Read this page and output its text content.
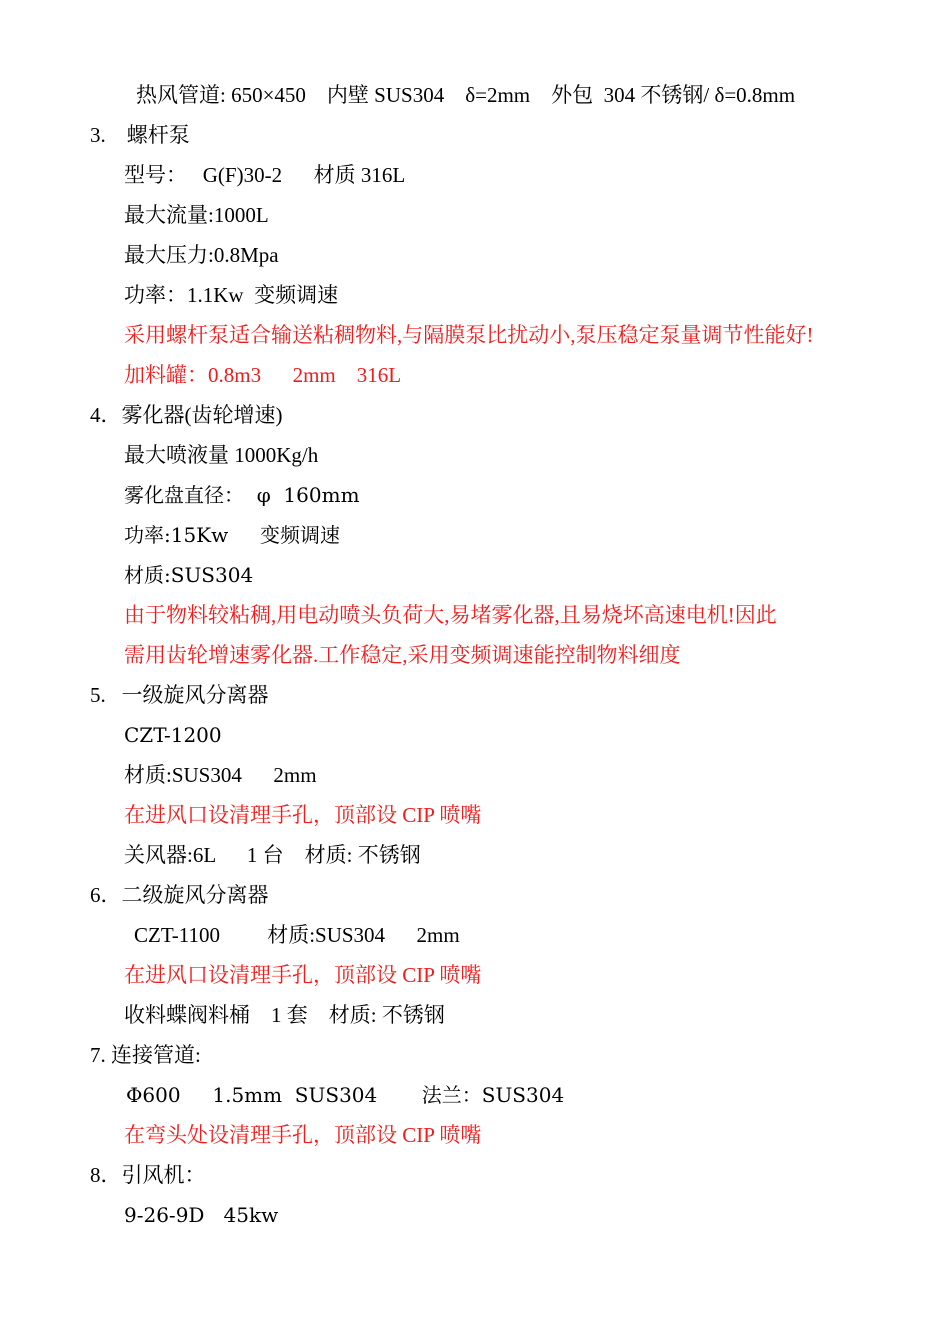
热风管道: 650×450    内壁 SUS304    δ=2mm    外包  304 不锈钢/ δ=0.8mm
3.    螺杆泵
型号：   G(F)30-2      材质 316L
最大流量:1000L
最大压力:0.8Mpa
功率：1.1Kw  变频调速
采用螺杆泵适合输送粘稠物料,与隔膜泵比扰动小,泵压稳定泵量调节性能好!
加料罐：0.8m3      2mm    316L
4．雾化器(齿轮增速)
最大喷液量 1000Kg/h
雾化盘直径：  φ  160mm
功率:15Kw     变频调速
材质:SUS304
由于物料较粘稠,用电动喷头负荷大,易堵雾化器,且易烧坏高速电机!因此
需用齿轮增速雾化器.工作稳定,采用变频调速能控制物料细度
5.   一级旋风分离器
CZT-1200
材质:SUS304      2mm
在进风口设清理手孔，顶部设 CIP 喷嘴
关风器:6L      1 台    材质: 不锈钢
6．二级旋风分离器
CZT-1100         材质:SUS304      2mm
在进风口设清理手孔，顶部设 CIP 喷嘴
收料蝶阀料桶    1 套    材质: 不锈钢
7. 连接管道:
Φ600     1.5mm  SUS304       法兰：SUS304
在弯头处设清理手孔，顶部设 CIP 喷嘴
8．引风机：
9-26-9D   45kw
